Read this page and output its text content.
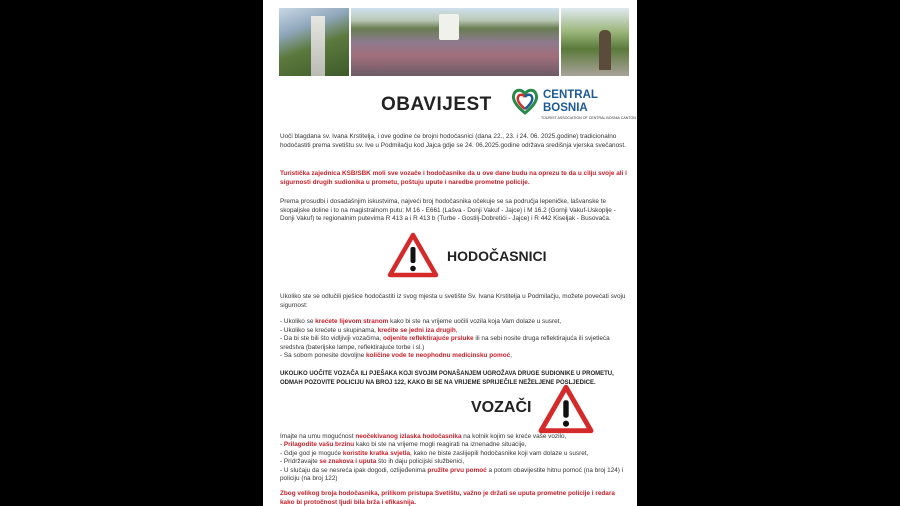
OBAVIJEST	CENTRAL
BOSNIA
TOURIST ASSOCIATION OF CENTRAL BOSNIA CANTON

Uoči blagdana sv. Ivana Krstitelja, i ove godine će brojni hodočasnici (dana 22., 23. i 24. 06. 2025.godine) tradicionalno hodočastiti prema svetištu sv. Ive u Podmilačju kod Jajca gdje se 24. 06.2025.godine održava središnja vjerska svečanost.

Turistička zajednica KSB/SBK moli sve vozače i hodočasnike da u ove dane budu na oprezu te da u cilju svoje ali i sigurnosti drugih sudionika u prometu, poštuju upute i naredbe prometne policije.

Prema prosudbi i dosadašnjim iskustvima, najveći broj hodočasnika očekuje se sa područja lepeničke, lašvanske te skopaljske doline i to na magistralnom putu: M 16 - E661 (Lašva - Donji Vakuf - Jajce) i M 16.2 (Gornji Vakuf-Uskoplje - Donji Vakuf) te regionalnim putevima R 413 a i R 413 b (Turbe - Gostilj-Dobretići - Jajce) i R 442 Kiseljak - Busovača.

HODOČASNICI

Ukoliko ste se odlučili pješice hodočastiti iz svog mjesta u svetište Sv. Ivana Krstitelja u Podmilačju, možete povećati svoju sigurnost:

- Ukoliko se krećete lijevom stranom kako bi ste na vrijeme uočili vozila koja Vam dolaze u susret,
- Ukoliko se krećete u skupinama, krećite se jedni iza drugih,
- Da bi ste bili što vidljiviji vozačima, odjenite reflektirajuće prsluke ili na sebi nosite druga reflektirajuća ili svjetleća sredstva (baterijske lampe, reflektirajuće torbe i sl.)
- Sa sobom ponesite dovoljne količine vode te neophodnu medicinsku pomoć,

UKOLIKO UOČITE VOZAČA ILI PJEŠAKA KOJI SVOJIM PONAŠANJEM UGROŽAVA DRUGE SUDIONIKE U PROMETU, ODMAH POZOVITE POLICIJU NA BROJ 122, KAKO BI SE NA VRIJEME SPRIJEČILE NEŽELJENE POSLJEDICE.

VOZAČI

Imajte na umu mogućnost neočekivanog izlaska hodočasnika na kolnik kojim se kreće vaše vozilo,

- Prilagodite vašu brzinu kako bi ste na vrijeme mogli reagirati na iznenadne situacije,
- Gdje god je moguće koristite kratka svjetla, kako ne biste zaslijepili hodočasnike koji vam dolaze u susret,
- Pridržavajte se znakova i uputa što ih daju policijski službenici,
- U slučaju da se nesreća ipak dogodi, ozlijeđenima pružite prvu pomoć a potom obavijestite hitnu pomoć (na broj 124) i policiju (na broj 122)

Zbog velikog broja hodočasnika, prilikom pristupa Svetištu, važno je držati se uputa prometne policije i redara kako bi protočnost ljudi bila brža i efikasnija.
